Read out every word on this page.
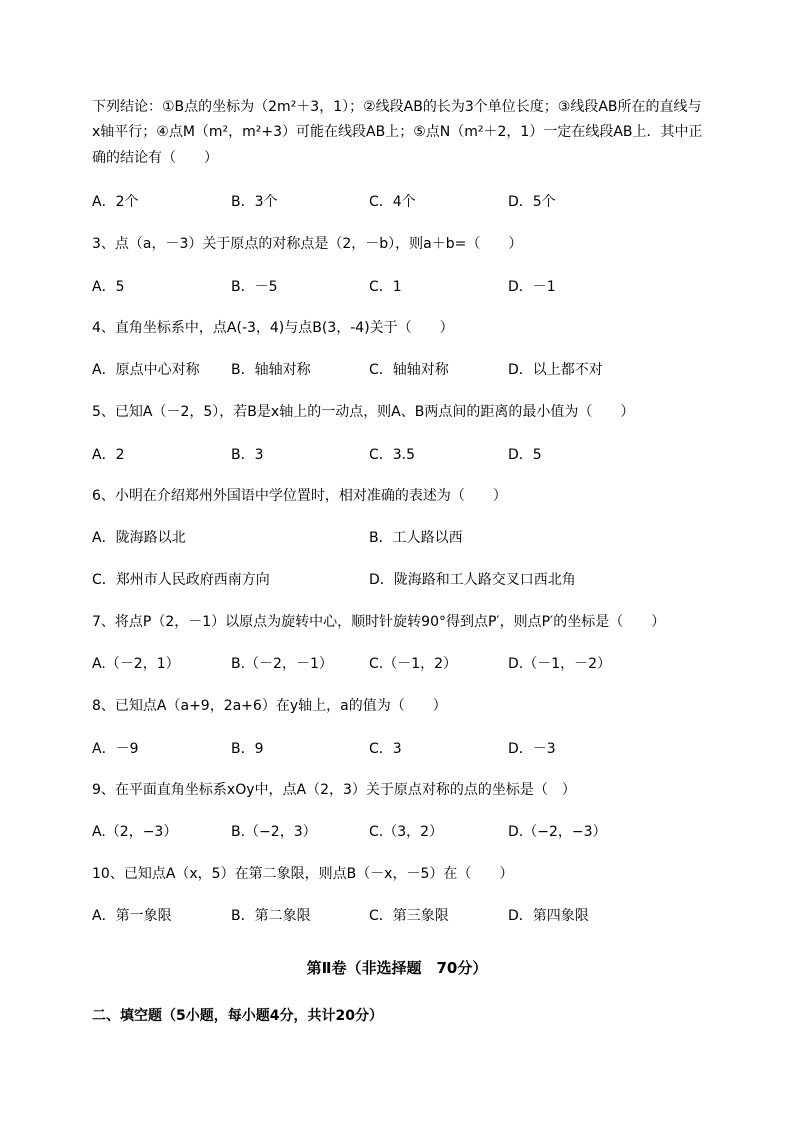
下列结论：①B点的坐标为（2m²＋3，1）；②线段AB的长为3个单位长度；③线段AB所在的直线与
x轴平行；④点M（m²，m²+3）可能在线段AB上；⑤点N（m²＋2，1）一定在线段AB上．其中正
确的结论有（　　）
A．2个	B．3个	C．4个	D．5个
3、点（a，－3）关于原点的对称点是（2，－b），则a＋b=（　　）
A．5	B．－5	C．1	D．－1
4、直角坐标系中，点A(-3，4)与点B(3，-4)关于（　　）
A．原点中心对称 B．轴轴对称	C．轴轴对称	D．以上都不对
5、已知A（－2，5），若B是x轴上的一动点，则A、B两点间的距离的最小值为（　　）
A．2	B．3	C．3.5	D．5
6、小明在介绍郑州外国语中学位置时，相对准确的表述为（　　）
A．陇海路以北	B．工人路以西
C．郑州市人民政府西南方向	D．陇海路和工人路交叉口西北角
7、将点P（2，－1）以原点为旋转中心，顺时针旋转90°得到点P′，则点P′的坐标是（　　）
A.（－2，1）	B.（－2，－1）	C.（－1，2）	D.（－1，－2）
8、已知点A（a+9，2a+6）在y轴上，a的值为（　　）
A．－9	B．9	C．3	D．－3
9、在平面直角坐标系xOy中，点A（2，3）关于原点对称的点的坐标是（　）
A.（2，−3）	B.（−2，3）	C.（3，2）	D.（−2，−3）
10、已知点A（x，5）在第二象限，则点B（－x，－5）在（　　）
A．第一象限	B．第二象限	C．第三象限	D．第四象限
第Ⅱ卷（非选择题　70分）
二、填空题（5小题，每小题4分，共计20分）
